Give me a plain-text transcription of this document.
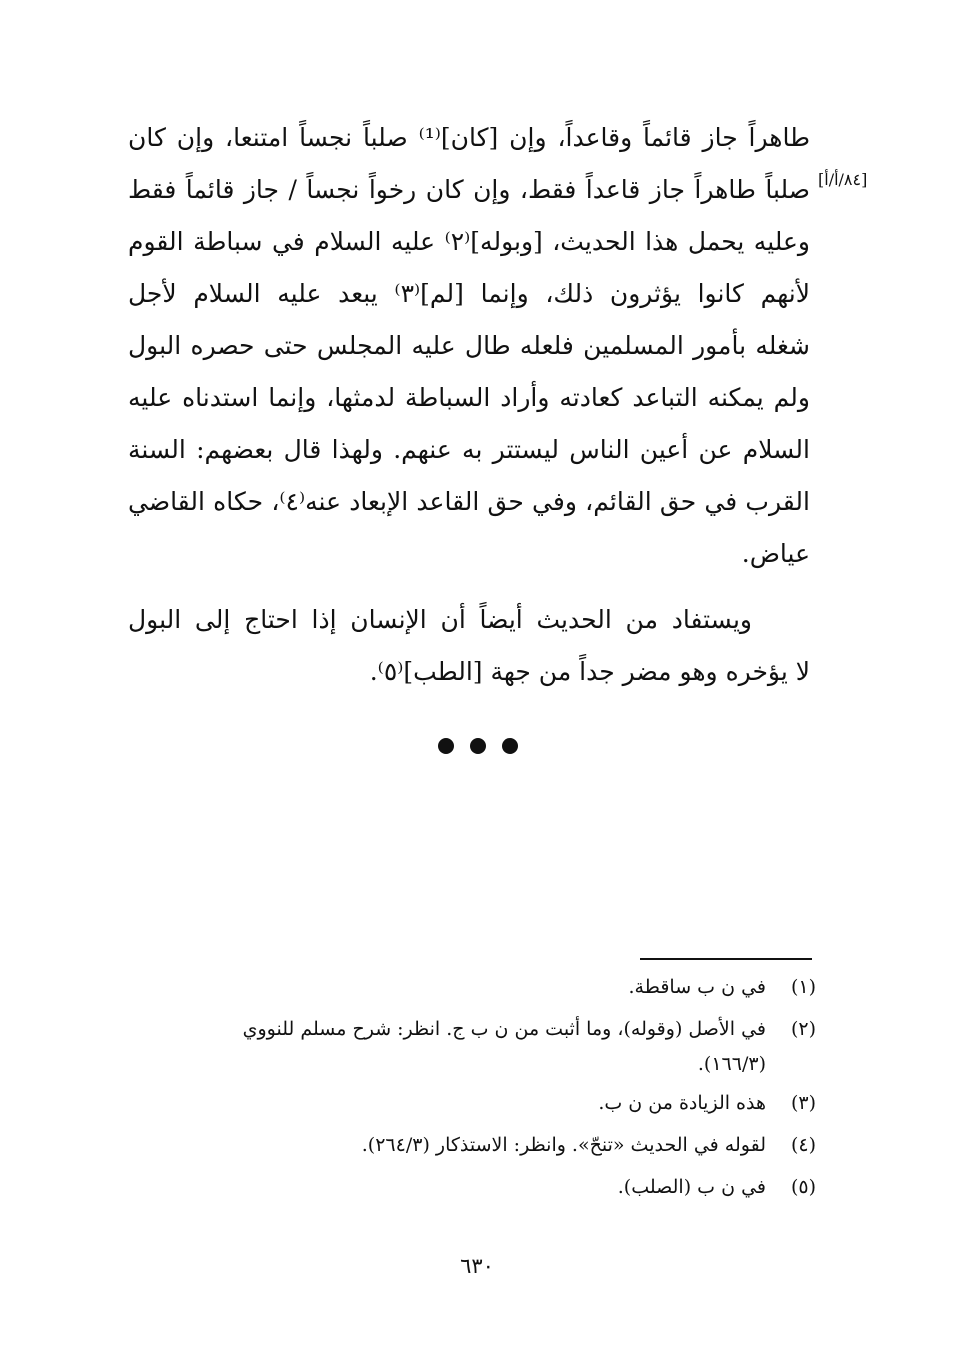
[٨٤/أ/أ]
طاهراً جاز قائماً وقاعداً، وإن [كان]⁽¹⁾ صلباً نجساً امتنعا، وإن كان
صلباً طاهراً جاز قاعداً فقط، وإن كان رخواً نجساً / جاز قائماً فقط
وعليه يحمل هذا الحديث، [وبوله]⁽٢⁾ عليه السلام في سباطة القوم
لأنهم كانوا يؤثرون ذلك، وإنما [لم]⁽٣⁾ يبعد عليه السلام لأجل
شغله بأمور المسلمين فلعله طال عليه المجلس حتى حصره البول
ولم يمكنه التباعد كعادته وأراد السباطة لدمثها، وإنما استدناه عليه
السلام عن أعين الناس ليستتر به عنهم. ولهذا قال بعضهم: السنة
القرب في حق القائم، وفي حق القاعد الإبعاد عنه⁽٤⁾، حكاه القاضي
عياض.
ويستفاد من الحديث أيضاً أن الإنسان إذا احتاج إلى البول
لا يؤخره وهو مضر جداً من جهة [الطب]⁽٥⁾.
(١)
في ن ب ساقطة.
(٢)
في الأصل (وقوله)، وما أثبت من ن ب ج. انظر: شرح مسلم للنووي
(١٦٦/٣).
(٣)
هذه الزيادة من ن ب.
(٤)
لقوله في الحديث «تنحّ». وانظر: الاستذكار (٢٦٤/٣).
(٥)
في ن ب (الصلب).
٦٣٠
